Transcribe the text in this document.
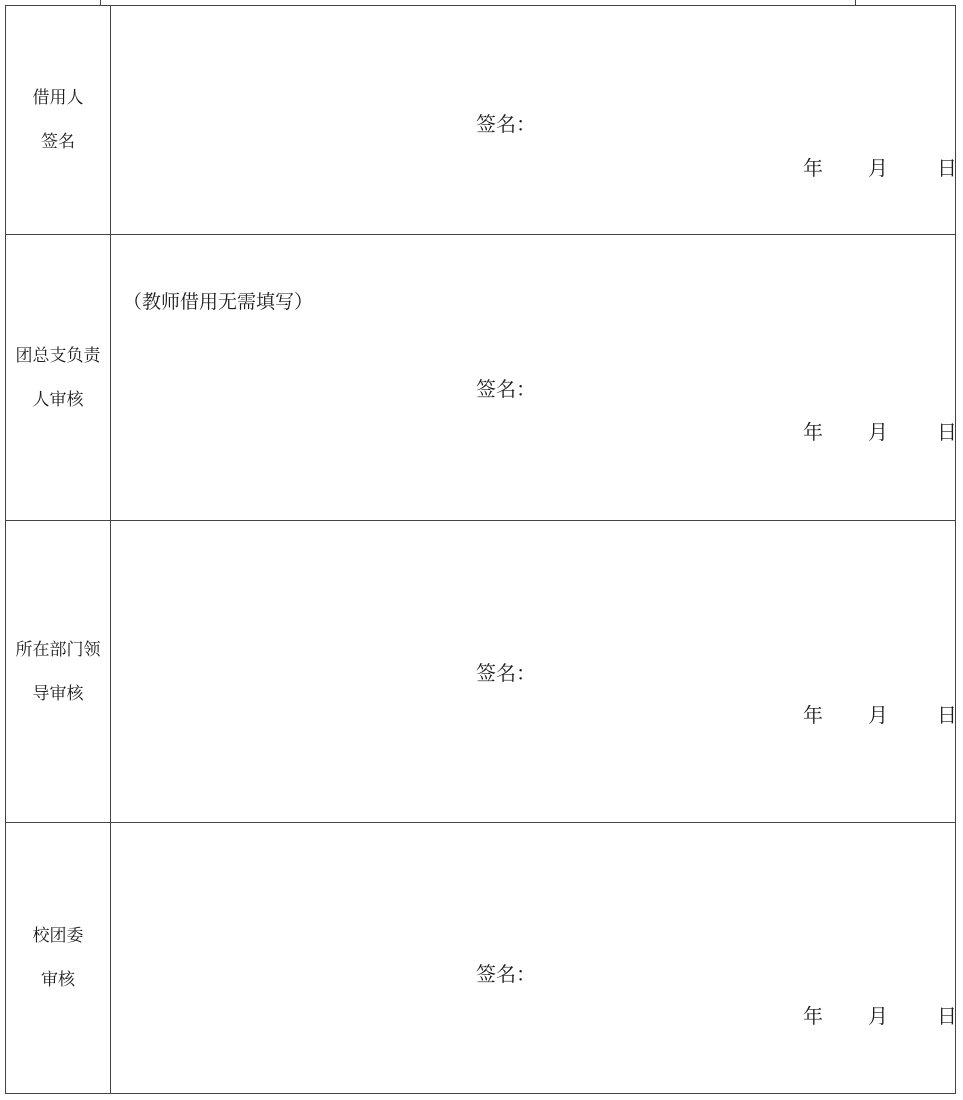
借用人
签名
签名：
年 月 日
团总支负责
人审核
（教师借用无需填写）
签名：
年 月 日
所在部门领
导审核
签名：
年 月 日
校团委
审核	签名：
年 月 日
